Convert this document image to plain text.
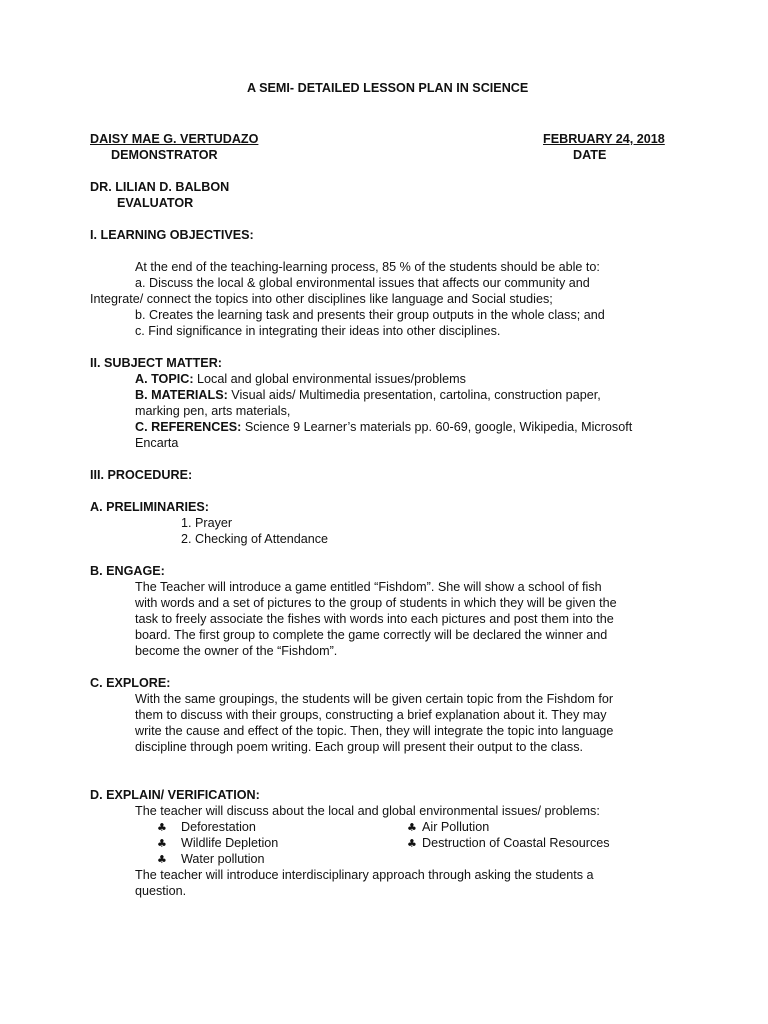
A SEMI- DETAILED LESSON PLAN IN SCIENCE
DAISY MAE G. VERTUDAZO	FEBRUARY 24, 2018
DEMONSTRATOR	DATE
DR. LILIAN D. BALBON
EVALUATOR
I. LEARNING OBJECTIVES:
At the end of the teaching-learning process, 85 % of the students should be able to:
a. Discuss the local & global environmental issues that affects our community and
Integrate/ connect the topics into other disciplines like language and Social studies;
b. Creates the learning task and presents their group outputs in the whole class; and
c. Find significance in integrating their ideas into other disciplines.
II. SUBJECT MATTER:
A. TOPIC: Local and global environmental issues/problems
B. MATERIALS: Visual aids/ Multimedia presentation, cartolina, construction paper,
marking pen, arts materials,
C. REFERENCES: Science 9 Learner’s materials pp. 60-69, google, Wikipedia, Microsoft
Encarta
III. PROCEDURE:
A. PRELIMINARIES:
1. Prayer
2. Checking of Attendance
B. ENGAGE:
The Teacher will introduce a game entitled “Fishdom”. She will show a school of fish
with words and a set of pictures to the group of students in which they will be given the
task to freely associate the fishes with words into each pictures and post them into the
board. The first group to complete the game correctly will be declared the winner and
become the owner of the “Fishdom”.
C. EXPLORE:
With the same groupings, the students will be given certain topic from the Fishdom for
them to discuss with their groups, constructing a brief explanation about it. They may
write the cause and effect of the topic. Then, they will integrate the topic into language
discipline through poem writing. Each group will present their output to the class.
D. EXPLAIN/ VERIFICATION:
The teacher will discuss about the local and global environmental issues/ problems:
♣ Deforestation
♣ Wildlife Depletion
♣ Water pollution
♣ Air Pollution
♣ Destruction of Coastal Resources
The teacher will introduce interdisciplinary approach through asking the students a
question.
